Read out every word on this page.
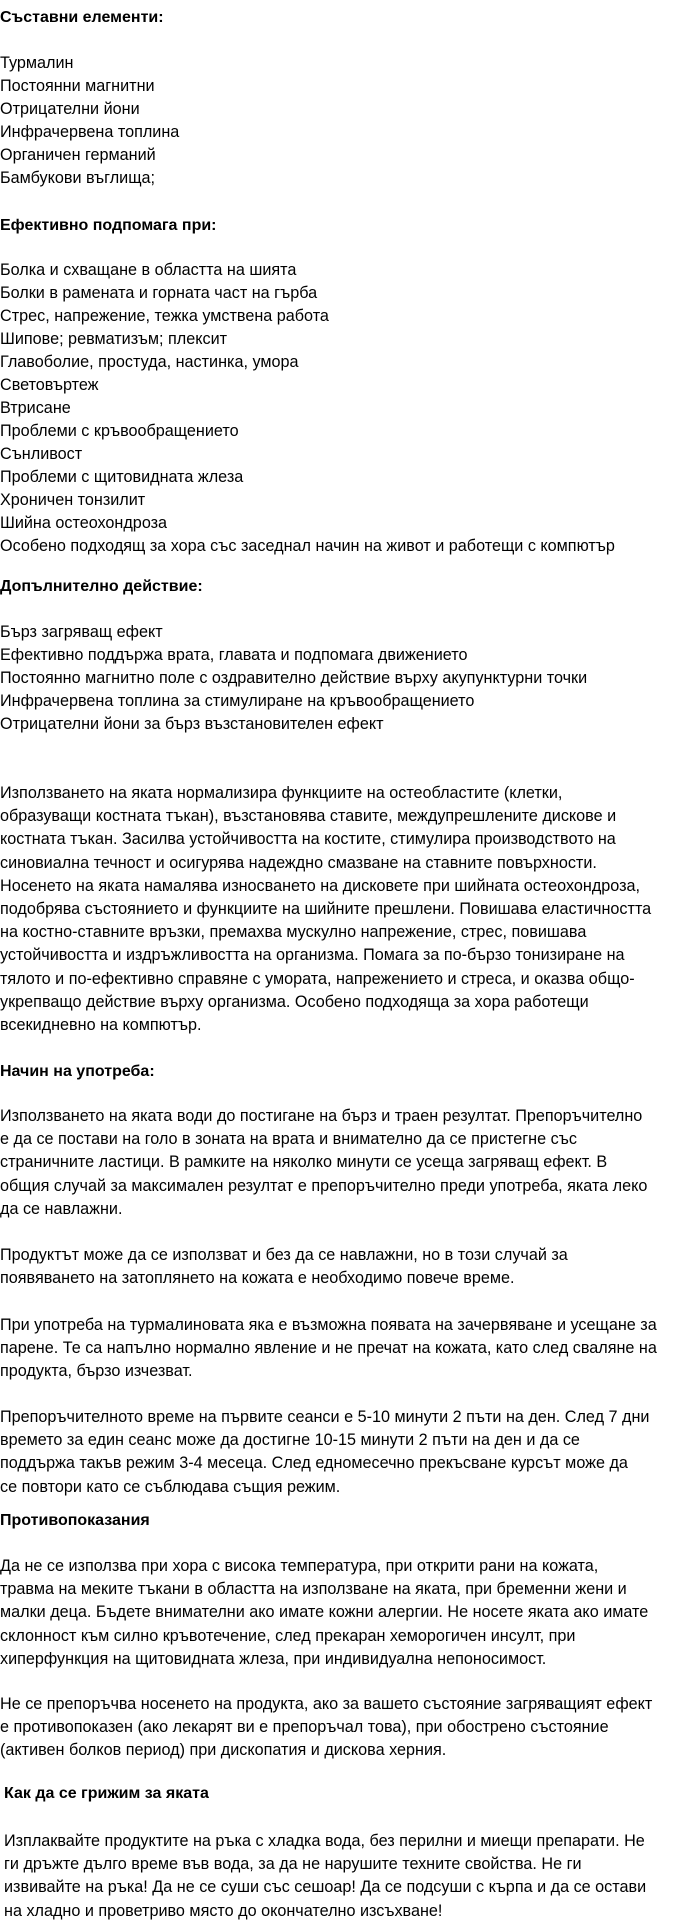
Съставни елементи:
Турмалин
Постоянни магнитни
Отрицателни йони
Инфрачервена топлина
Органичен германий
Бамбукови въглища;
Ефективно подпомага при:
Болка и схващане в областта на шията
Болки в рамената и горната част на гърба
Стрес, напрежение, тежка умствена работа
Шипове; ревматизъм; плексит
Главоболие, простуда, настинка, умора
Световъртеж
Втрисане
Проблеми с кръвообращението
Сънливост
Проблеми с щитовидната жлеза
Хроничен тонзилит
Шийна остеохондроза
Особено подходящ за хора със заседнал начин на живот и работещи с компютър
Допълнително действие:
Бърз загряващ ефект
Ефективно поддържа врата, главата и подпомага движението
Постоянно магнитно поле с оздравително действие върху акупунктурни точки
Инфрачервена топлина за стимулиране на кръвообращението
Отрицателни йони за бърз възстановителен ефект
Използването на яката нормализира функциите на остеобластите (клетки,
образуващи костната тъкан), възстановява ставите, междупрешлените дискове и
костната тъкан. Засилва устойчивостта на костите, стимулира производството на
синовиална течност и осигурява надеждно смазване на ставните повърхности.
Носенето на яката намалява износването на дисковете при шийната остеохондроза,
подобрява състоянието и функциите на шийните прешлени. Повишава еластичността
на костно-ставните връзки, премахва мускулно напрежение, стрес, повишава
устойчивостта и издръжливостта на организма. Помага за по-бързо тонизиране на
тялото и по-ефективно справяне с умората, напрежението и стреса, и оказва общо-
укрепващо действие върху организма. Особено подходяща за хора работещи
всекидневно на компютър.
Начин на употреба:
Използването на яката води до постигане на бърз и траен резултат. Препоръчително
е да се постави на голо в зоната на врата и внимателно да се пристегне със
страничните ластици. В рамките на няколко минути се усеща загряващ ефект. В
общия случай за максимален резултат е препоръчително преди употреба, яката леко
да се навлажни.
Продуктът може да се използват и без да се навлажни, но в този случай за
появяването на затоплянето на кожата е необходимо повече време.
При употреба на турмалиновата яка е възможна появата на зачервяване и усещане за
парене. Те са напълно нормално явление и не пречат на кожата, като след сваляне на
продукта, бързо изчезват.
Препоръчителното време на първите сеанси е 5-10 минути 2 пъти на ден. След 7 дни
времето за един сеанс може да достигне 10-15 минути 2 пъти на ден и да се
поддържа такъв режим 3-4 месеца. След едномесечно прекъсване курсът може да
се повтори като се съблюдава същия режим.
Противопоказания
Да не се използва при хора с висока температура, при открити рани на кожата,
травма на меките тъкани в областта на използване на яката, при бременни жени и
малки деца. Бъдете внимателни ако имате кожни алергии. Не носете яката ако имате
склонност към силно кръвотечение, след прекаран хеморогичен инсулт, при
хиперфункция на щитовидната жлеза, при индивидуална непоносимост.
Не се препоръчва носенето на продукта, ако за вашето състояние загряващият ефект
е противопоказен (ако лекарят ви е препоръчал това), при обострено състояние
(активен болков период) при дископатия и дискова херния.
Как да се грижим за яката
Изплаквайте продуктите на ръка с хладка вода, без перилни и миещи препарати. Не
ги дръжте дълго време във вода, за да не нарушите техните свойства. Не ги
извивайте на ръка! Да не се суши със сешоар! Да се подсуши с кърпа и да се остави
на хладно и проветриво място до окончателно изсъхване!
